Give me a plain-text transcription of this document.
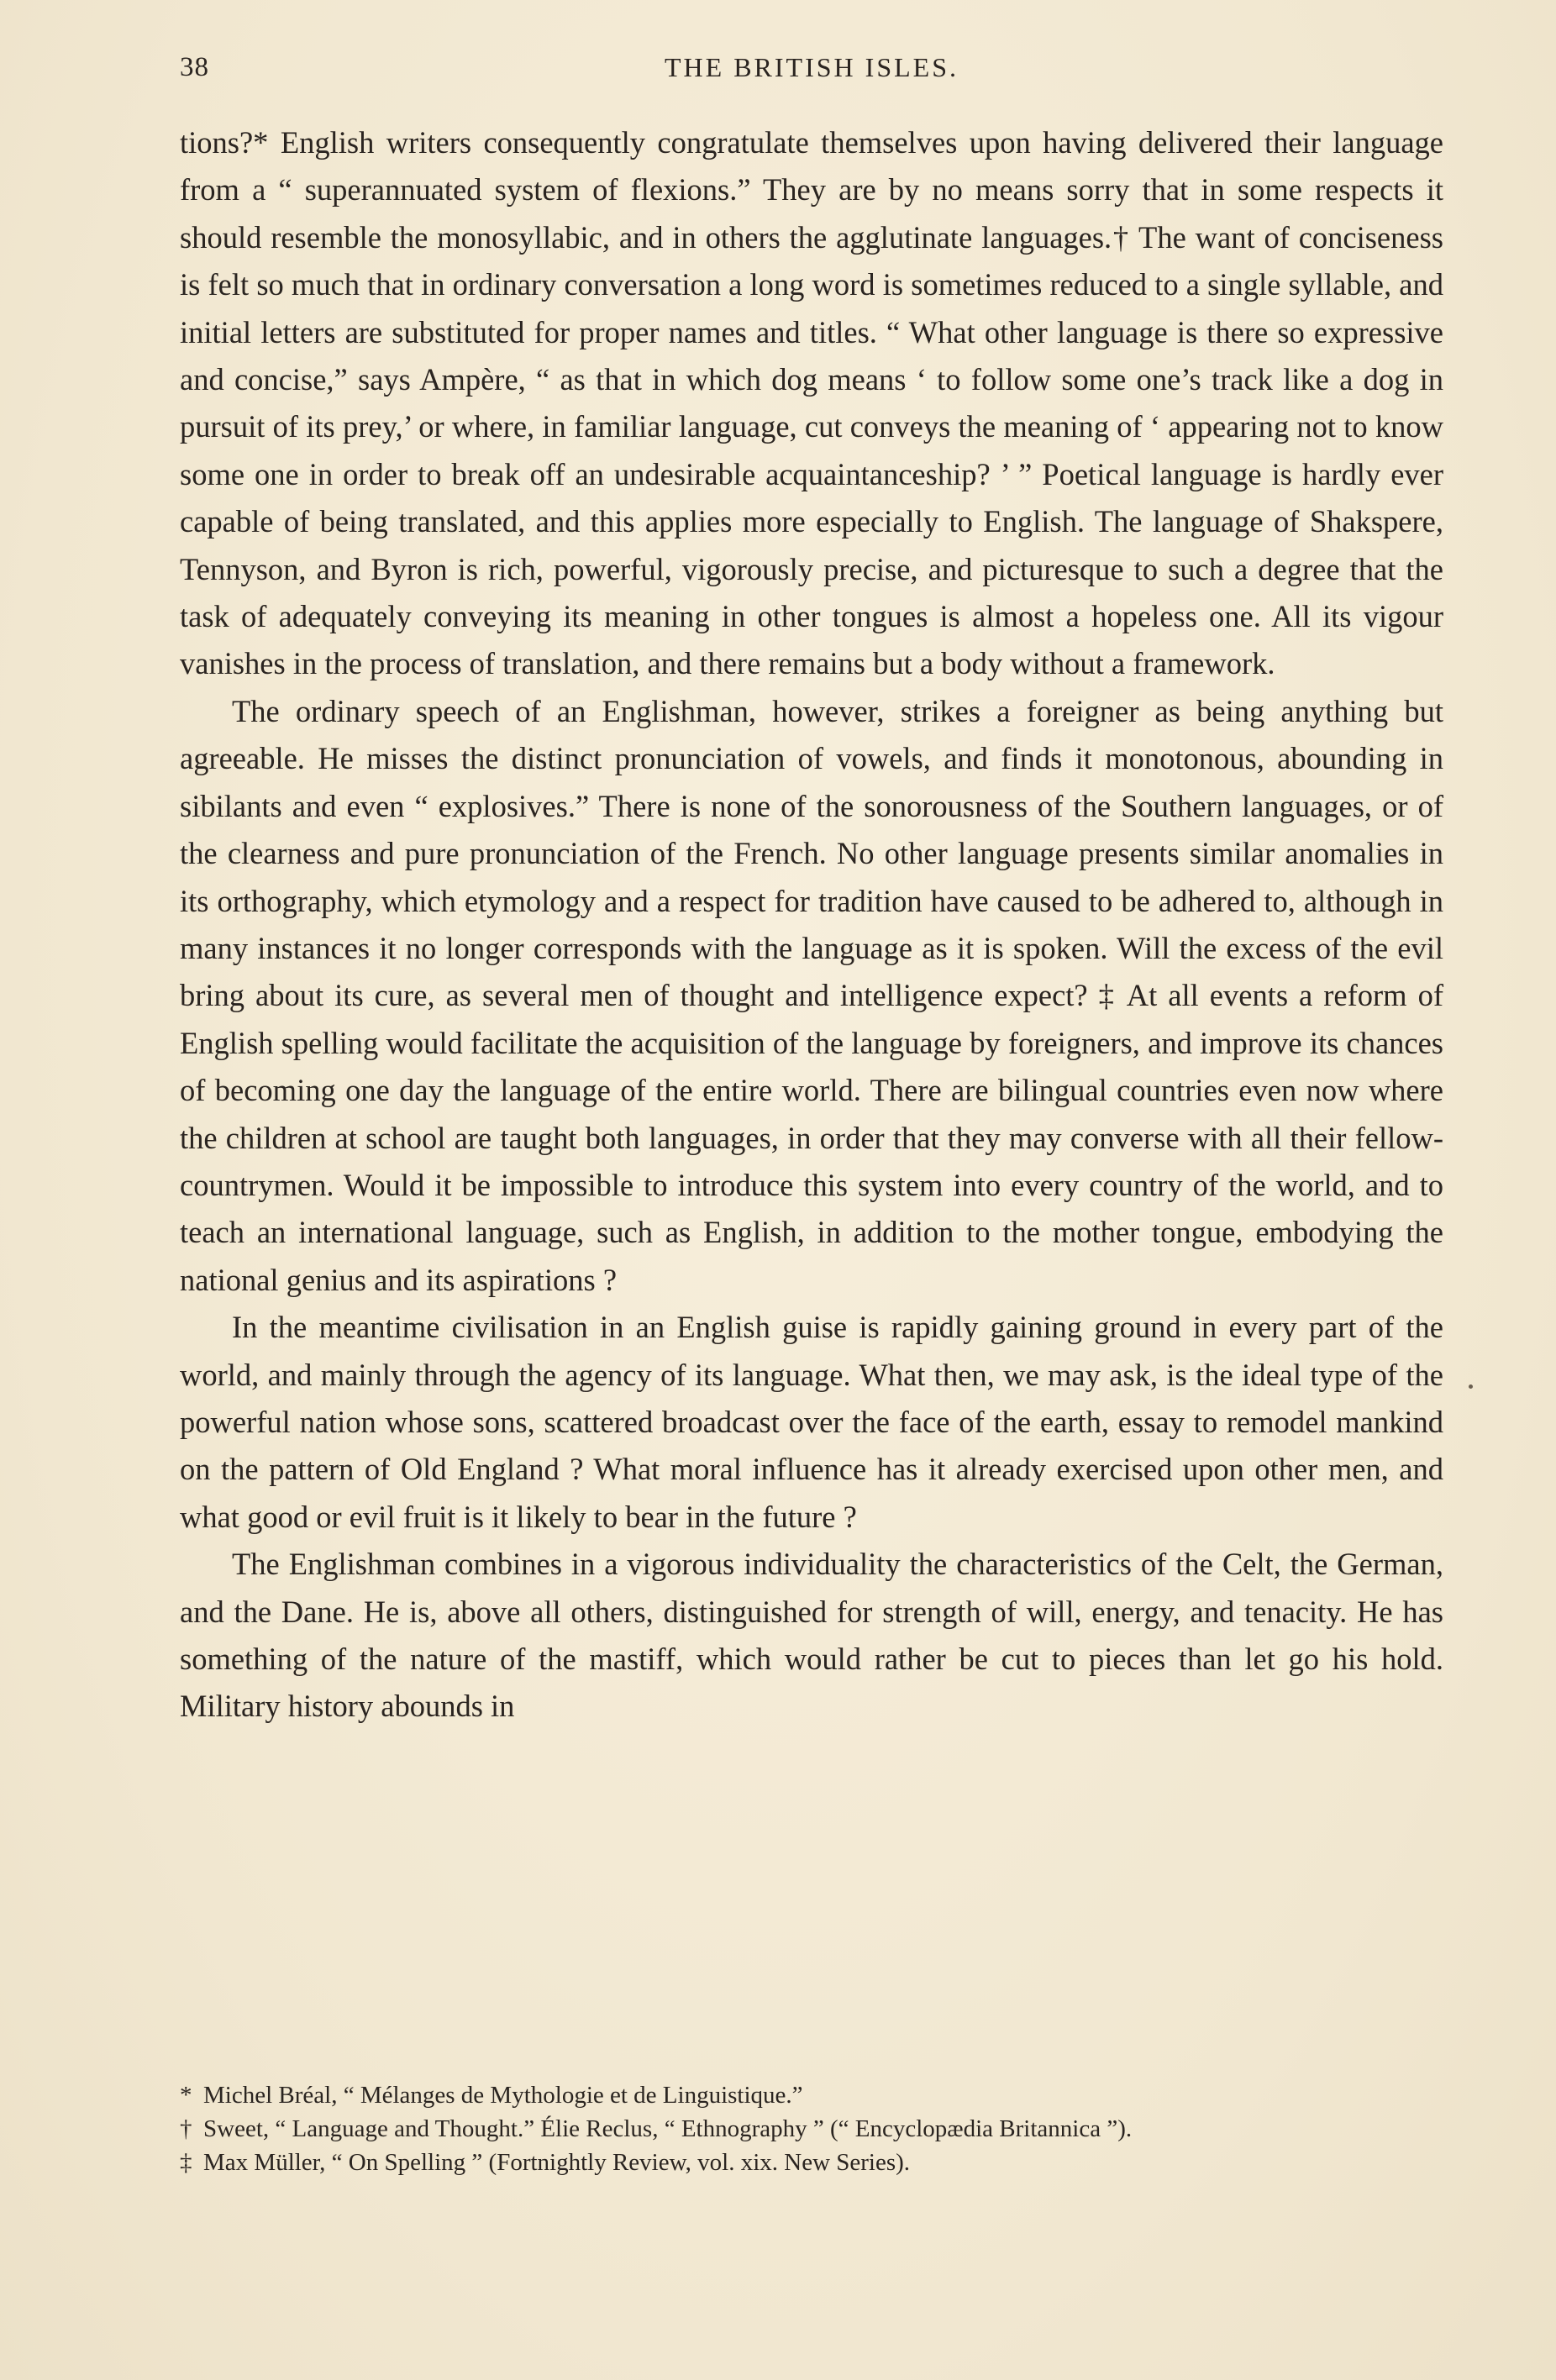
38	THE BRITISH ISLES.

tions?* English writers consequently congratulate themselves upon having delivered their language from a “ superannuated system of flexions.” They are by no means sorry that in some respects it should resemble the monosyllabic, and in others the agglutinate languages.† The want of conciseness is felt so much that in ordinary conversation a long word is sometimes reduced to a single syllable, and initial letters are substituted for proper names and titles. “ What other language is there so expressive and concise,” says Ampère, “ as that in which dog means ‘ to follow some one’s track like a dog in pursuit of its prey,’ or where, in familiar language, cut conveys the meaning of ‘ appearing not to know some one in order to break off an undesirable acquaintanceship? ’ ” Poetical language is hardly ever capable of being translated, and this applies more especially to English. The language of Shakspere, Tennyson, and Byron is rich, powerful, vigorously precise, and picturesque to such a degree that the task of adequately conveying its meaning in other tongues is almost a hopeless one. All its vigour vanishes in the process of translation, and there remains but a body without a framework.

The ordinary speech of an Englishman, however, strikes a foreigner as being anything but agreeable. He misses the distinct pronunciation of vowels, and finds it monotonous, abounding in sibilants and even “ explosives.” There is none of the sonorousness of the Southern languages, or of the clearness and pure pronunciation of the French. No other language presents similar anomalies in its orthography, which etymology and a respect for tradition have caused to be adhered to, although in many instances it no longer corresponds with the language as it is spoken. Will the excess of the evil bring about its cure, as several men of thought and intelligence expect? ‡ At all events a reform of English spelling would facilitate the acquisition of the language by foreigners, and improve its chances of becoming one day the language of the entire world. There are bilingual countries even now where the children at school are taught both languages, in order that they may converse with all their fellow-countrymen. Would it be impossible to introduce this system into every country of the world, and to teach an international language, such as English, in addition to the mother tongue, embodying the national genius and its aspirations ?

In the meantime civilisation in an English guise is rapidly gaining ground in every part of the world, and mainly through the agency of its language. What then, we may ask, is the ideal type of the powerful nation whose sons, scattered broadcast over the face of the earth, essay to remodel mankind on the pattern of Old England ? What moral influence has it already exercised upon other men, and what good or evil fruit is it likely to bear in the future ?

The Englishman combines in a vigorous individuality the characteristics of the Celt, the German, and the Dane. He is, above all others, distinguished for strength of will, energy, and tenacity. He has something of the nature of the mastiff, which would rather be cut to pieces than let go his hold. Military history abounds in

* Michel Bréal, “ Mélanges de Mythologie et de Linguistique.”
† Sweet, “ Language and Thought.” Élie Reclus, “ Ethnography ” (“ Encyclopædia Britannica ”).
‡ Max Müller, “ On Spelling ” (Fortnightly Review, vol. xix. New Series).
